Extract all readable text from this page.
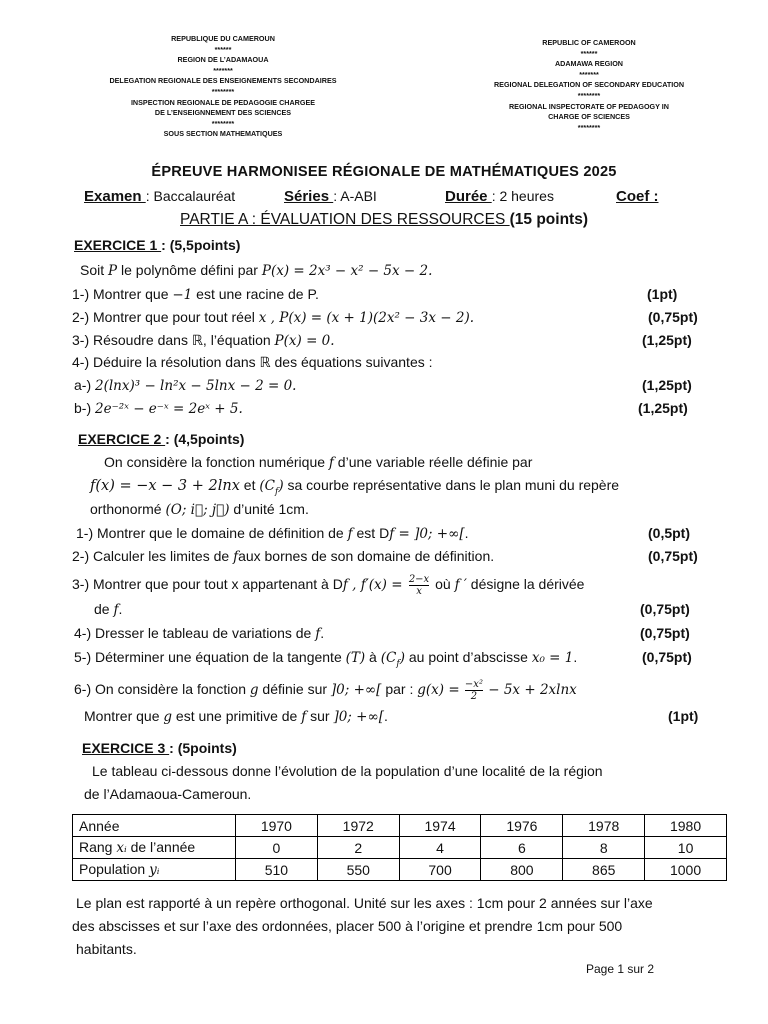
REPUBLIQUE DU CAMEROUN
******
REGION DE L’ADAMAOUA
*******
DELEGATION REGIONALE DES ENSEIGNEMENTS SECONDAIRES
********
INSPECTION REGIONALE DE PEDAGOGIE CHARGEE
DE L’ENSEIGNNEMENT DES SCIENCES
********
SOUS SECTION MATHEMATIQUES
REPUBLIC OF CAMEROON
******
ADAMAWA REGION
*******
REGIONAL DELEGATION OF SECONDARY EDUCATION
********
REGIONAL INSPECTORATE OF PEDAGOGY IN
CHARGE OF SCIENCES
********
ÉPREUVE HARMONISEE RÉGIONALE DE MATHÉMATIQUES 2025
Examen : Baccalauréat	Séries : A-ABI	Durée : 2 heures	Coef :
PARTIE A : ÉVALUATION DES RESSOURCES (15 points)
EXERCICE 1 : (5,5points)
Soit P le polynôme défini par P(x) = 2x³ − x² − 5x − 2.
1-) Montrer que −1 est une racine de P.	(1pt)
2-) Montrer que pour tout réel x , P(x) = (x + 1)(2x² − 3x − 2).	(0,75pt)
3-) Résoudre dans ℝ, l’équation P(x) = 0.	(1,25pt)
4-) Déduire la résolution dans ℝ des équations suivantes :
a-) 2(lnx)³ − ln²x − 5lnx − 2 = 0.	(1,25pt)
b-) 2e⁻²ˣ − e⁻ˣ = 2eˣ + 5.	(1,25pt)
EXERCICE 2 : (4,5points)
On considère la fonction numérique f d’une variable réelle définie par
f(x) = −x − 3 + 2lnx et $(C_f)$ sa courbe représentative dans le plan muni du repère
orthonormé (O; i⃗; j⃗) d’unité 1cm.
1-) Montrer que le domaine de définition de f est Df = ]0; +∞[.	(0,5pt)
2-) Calculer les limites de faux bornes de son domaine de définition.	(0,75pt)
3-) Montrer que pour tout x appartenant à Df , $f'(x) = \frac{2-x}{x}$ où f ′ désigne la dérivée
de f.	(0,75pt)
4-) Dresser le tableau de variations de f.	(0,75pt)
5-) Déterminer une équation de la tangente (T) à $(C_f)$ au point d’abscisse x₀ = 1.	(0,75pt)
6-) On considère la fonction g définie sur ]0; +∞[ par : $g(x) = \frac{\text{−x²}}{2} - 5x + 2xlnx$
Montrer que g est une primitive de f sur ]0; +∞[.	(1pt)
EXERCICE 3 : (5points)
Le tableau ci-dessous donne l’évolution de la population d’une localité de la région
de l’Adamaoua-Cameroun.
Année	1970	1972	1974	1976	1978	1980
Rang xᵢ de l’année	0	2	4	6	8	10
Population yᵢ	510	550	700	800	865	1000
Le plan est rapporté à un repère orthogonal. Unité sur les axes : 1cm pour 2 années sur l’axe
des abscisses et sur l’axe des ordonnées, placer 500 à l’origine et prendre 1cm pour 500
habitants.
Page 1 sur 2
